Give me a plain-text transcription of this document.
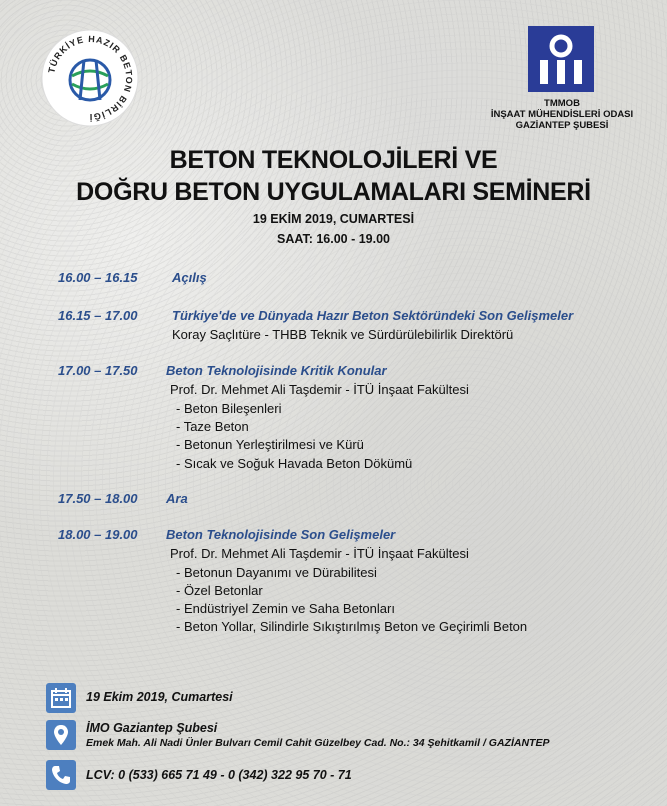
TÜRKİYE HAZIR BETON BİRLİĞİ
TMMOB
İNŞAAT MÜHENDİSLERİ ODASI
GAZİANTEP ŞUBESİ
BETON TEKNOLOJİLERİ VE
DOĞRU BETON UYGULAMALARI SEMİNERİ
19 EKİM 2019, CUMARTESİ
SAAT: 16.00 - 19.00
16.00 – 16.15	Açılış
16.15 – 17.00	Türkiye'de ve Dünyada Hazır Beton Sektöründeki Son Gelişmeler
Koray Saçlıtüre - THBB Teknik ve Sürdürülebilirlik Direktörü
17.00 – 17.50 Beton Teknolojisinde Kritik Konular
Prof. Dr. Mehmet Ali Taşdemir - İTÜ İnşaat Fakültesi
- Beton Bileşenleri
- Taze Beton
- Betonun Yerleştirilmesi ve Kürü
- Sıcak ve Soğuk Havada Beton Dökümü
17.50 – 18.00 Ara
18.00 – 19.00 Beton Teknolojisinde Son Gelişmeler
Prof. Dr. Mehmet Ali Taşdemir - İTÜ İnşaat Fakültesi
- Betonun Dayanımı ve Dürabilitesi
- Özel Betonlar
- Endüstriyel Zemin ve Saha Betonları
- Beton Yollar, Silindirle Sıkıştırılmış Beton ve Geçirimli Beton
19 Ekim 2019, Cumartesi
İMO Gaziantep Şubesi
Emek Mah. Ali Nadi Ünler Bulvarı Cemil Cahit Güzelbey Cad. No.: 34 Şehitkamil / GAZİANTEP
LCV: 0 (533) 665 71 49 - 0 (342) 322 95 70 - 71
